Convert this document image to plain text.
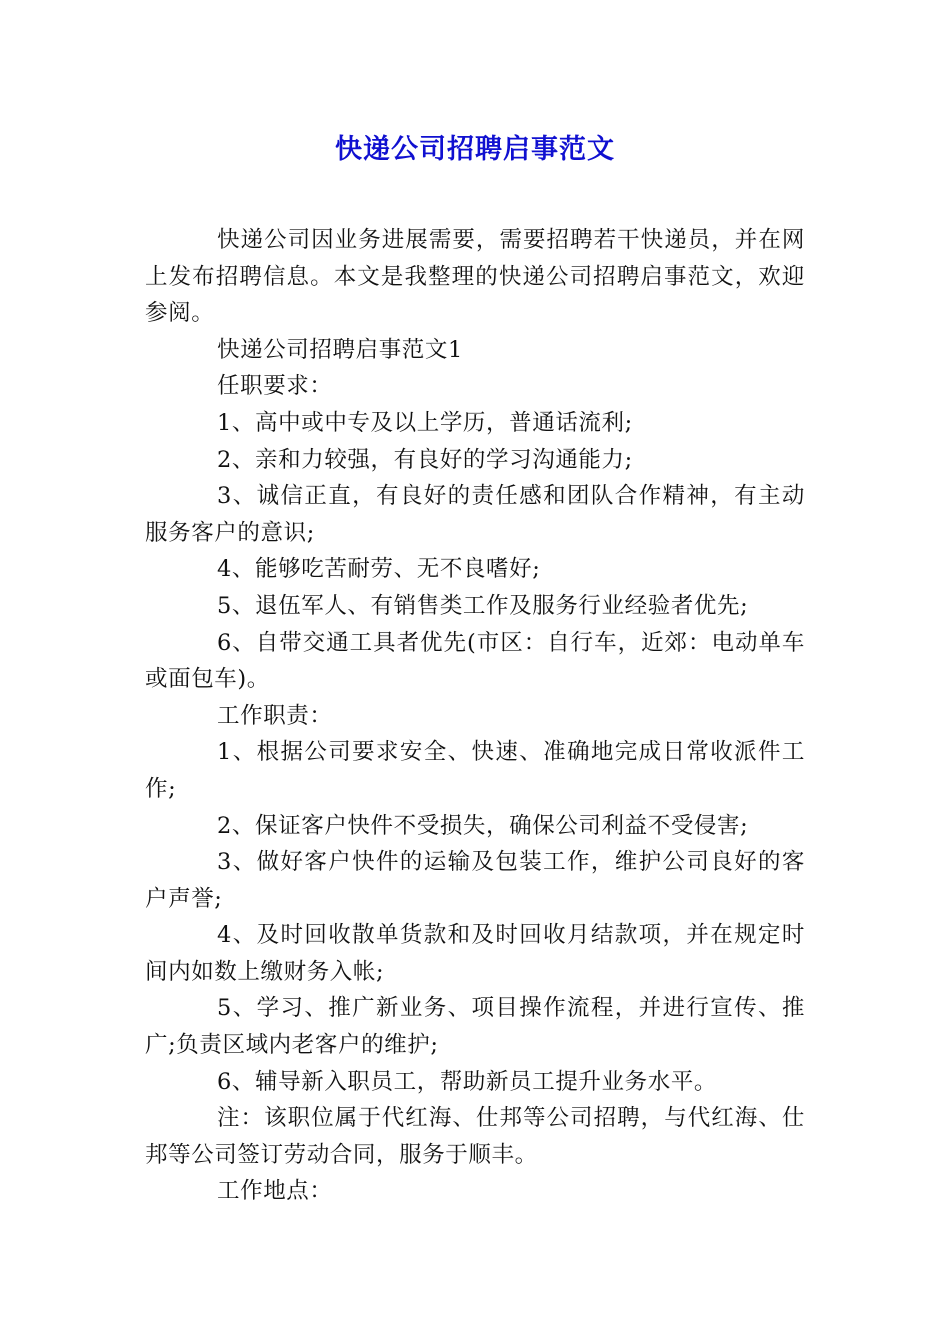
快递公司招聘启事范文

快递公司因业务进展需要，需要招聘若干快递员，并在网上发布招聘信息。本文是我整理的快递公司招聘启事范文，欢迎参阅。

快递公司招聘启事范文1

任职要求：

1、高中或中专及以上学历，普通话流利;

2、亲和力较强，有良好的学习沟通能力;

3、诚信正直，有良好的责任感和团队合作精神，有主动服务客户的意识;

4、能够吃苦耐劳、无不良嗜好;

5、退伍军人、有销售类工作及服务行业经验者优先;

6、自带交通工具者优先(市区：自行车，近郊：电动单车或面包车)。

工作职责：

1、根据公司要求安全、快速、准确地完成日常收派件工作;

2、保证客户快件不受损失，确保公司利益不受侵害;

3、做好客户快件的运输及包装工作，维护公司良好的客户声誉;

4、及时回收散单货款和及时回收月结款项，并在规定时间内如数上缴财务入帐;

5、学习、推广新业务、项目操作流程，并进行宣传、推广;负责区域内老客户的维护;

6、辅导新入职员工，帮助新员工提升业务水平。

注：该职位属于代红海、仕邦等公司招聘，与代红海、仕邦等公司签订劳动合同，服务于顺丰。

工作地点：
